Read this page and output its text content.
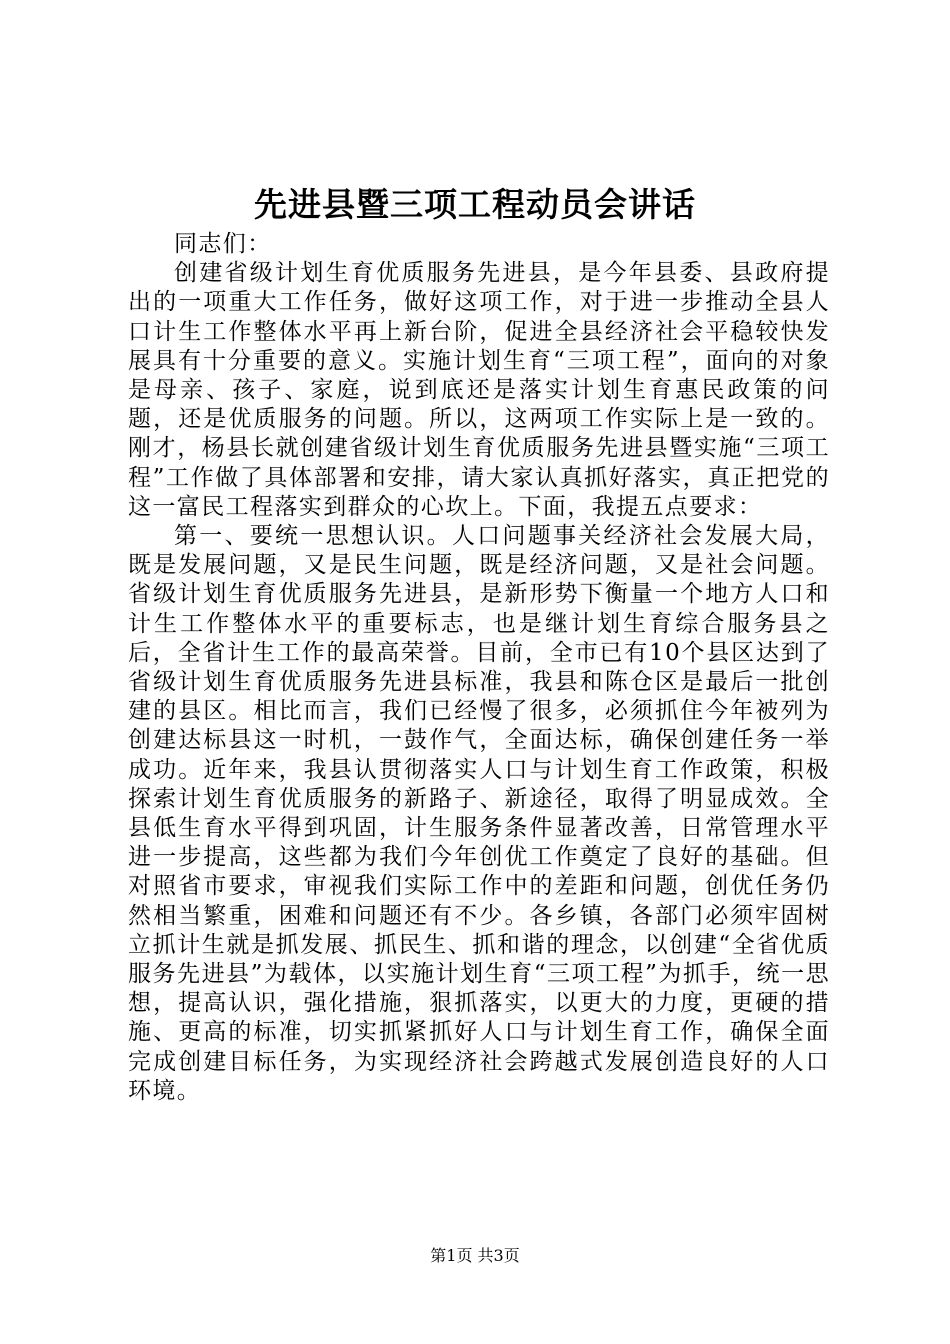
先进县暨三项工程动员会讲话

同志们：

创建省级计划生育优质服务先进县，是今年县委、县政府提出的一项重大工作任务，做好这项工作，对于进一步推动全县人口计生工作整体水平再上新台阶，促进全县经济社会平稳较快发展具有十分重要的意义。实施计划生育“三项工程”，面向的对象是母亲、孩子、家庭，说到底还是落实计划生育惠民政策的问题，还是优质服务的问题。所以，这两项工作实际上是一致的。刚才，杨县长就创建省级计划生育优质服务先进县暨实施“三项工程”工作做了具体部署和安排，请大家认真抓好落实，真正把党的这一富民工程落实到群众的心坎上。下面，我提五点要求：

第一、要统一思想认识。人口问题事关经济社会发展大局，既是发展问题，又是民生问题，既是经济问题，又是社会问题。省级计划生育优质服务先进县，是新形势下衡量一个地方人口和计生工作整体水平的重要标志，也是继计划生育综合服务县之后，全省计生工作的最高荣誉。目前，全市已有10个县区达到了省级计划生育优质服务先进县标准，我县和陈仓区是最后一批创建的县区。相比而言，我们已经慢了很多，必须抓住今年被列为创建达标县这一时机，一鼓作气，全面达标，确保创建任务一举成功。近年来，我县认贯彻落实人口与计划生育工作政策，积极探索计划生育优质服务的新路子、新途径，取得了明显成效。全县低生育水平得到巩固，计生服务条件显著改善，日常管理水平进一步提高，这些都为我们今年创优工作奠定了良好的基础。但对照省市要求，审视我们实际工作中的差距和问题，创优任务仍然相当繁重，困难和问题还有不少。各乡镇，各部门必须牢固树立抓计生就是抓发展、抓民生、抓和谐的理念，以创建“全省优质服务先进县”为载体，以实施计划生育“三项工程”为抓手，统一思想，提高认识，强化措施，狠抓落实，以更大的力度，更硬的措施、更高的标准，切实抓紧抓好人口与计划生育工作，确保全面完成创建目标任务，为实现经济社会跨越式发展创造良好的人口环境。

第1页 共3页
